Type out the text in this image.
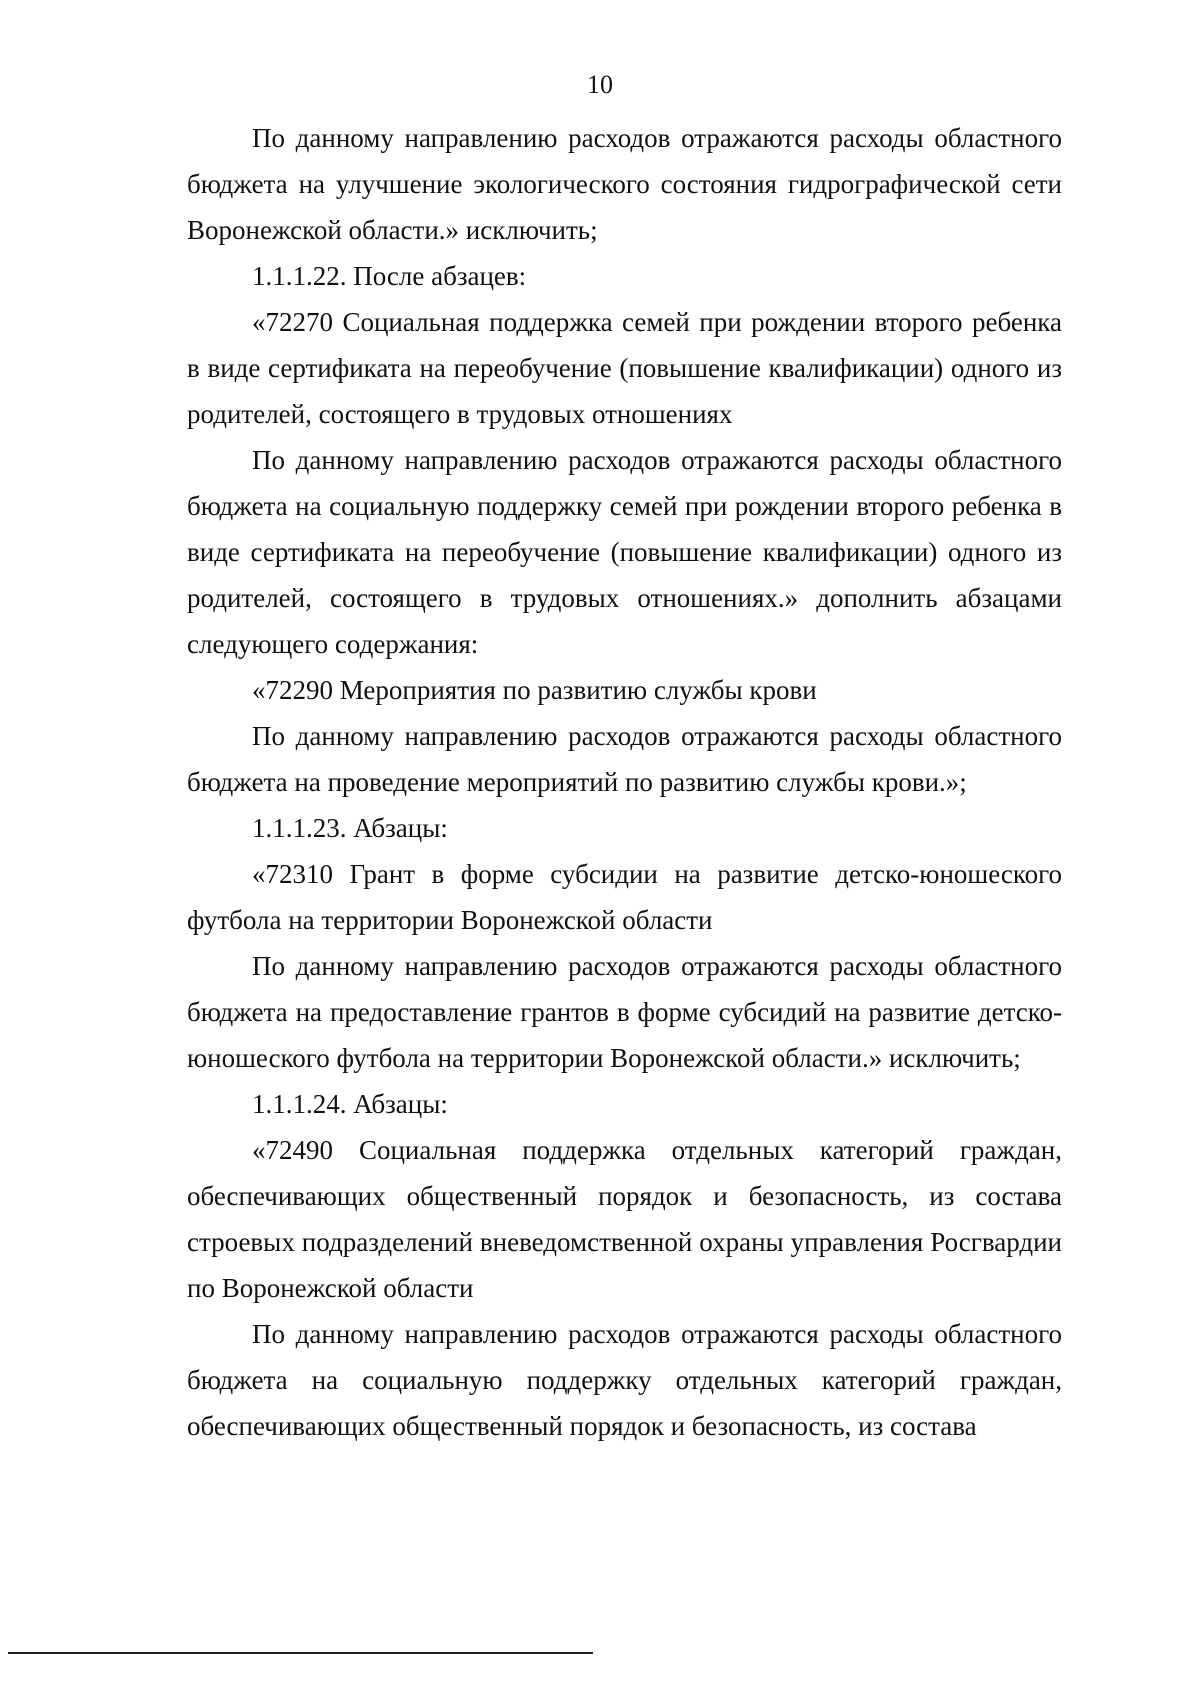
10

По данному направлению расходов отражаются расходы областного бюджета на улучшение экологического состояния гидрографической сети Воронежской области.» исключить;

1.1.1.22. После абзацев:

«72270 Социальная поддержка семей при рождении второго ребенка в виде сертификата на переобучение (повышение квалификации) одного из родителей, состоящего в трудовых отношениях

По данному направлению расходов отражаются расходы областного бюджета на социальную поддержку семей при рождении второго ребенка в виде сертификата на переобучение (повышение квалификации) одного из родителей, состоящего в трудовых отношениях.» дополнить абзацами следующего содержания:

«72290 Мероприятия по развитию службы крови

По данному направлению расходов отражаются расходы областного бюджета на проведение мероприятий по развитию службы крови.»;

1.1.1.23. Абзацы:

«72310 Грант в форме субсидии на развитие детско-юношеского футбола на территории Воронежской области

По данному направлению расходов отражаются расходы областного бюджета на предоставление грантов в форме субсидий на развитие детско-юношеского футбола на территории Воронежской области.» исключить;

1.1.1.24. Абзацы:

«72490 Социальная поддержка отдельных категорий граждан, обеспечивающих общественный порядок и безопасность, из состава строевых подразделений вневедомственной охраны управления Росгвардии по Воронежской области

По данному направлению расходов отражаются расходы областного бюджета на социальную поддержку отдельных категорий граждан, обеспечивающих общественный порядок и безопасность, из состава
